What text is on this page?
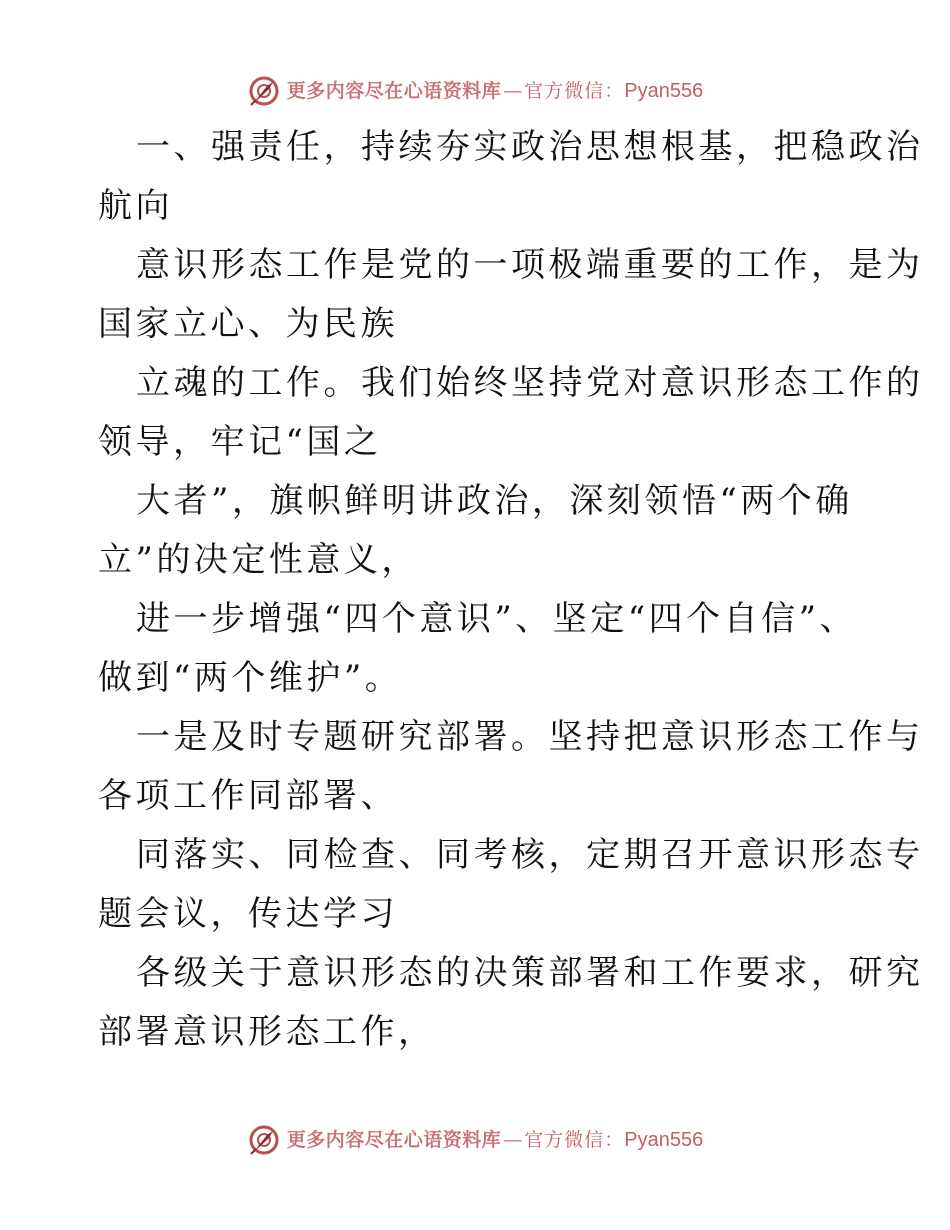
更多内容尽在心语资料库 — 官方微信： Pyan556
一、强责任，持续夯实政治思想根基，把稳政治
航向
意识形态工作是党的一项极端重要的工作，是为
国家立心、为民族
立魂的工作。我们始终坚持党对意识形态工作的
领导，牢记“国之
大者”，旗帜鲜明讲政治，深刻领悟“两个确
立”的决定性意义，
进一步增强“四个意识”、坚定“四个自信”、
做到“两个维护”。
一是及时专题研究部署。坚持把意识形态工作与
各项工作同部署、
同落实、同检查、同考核，定期召开意识形态专
题会议，传达学习
各级关于意识形态的决策部署和工作要求，研究
部署意识形态工作，
更多内容尽在心语资料库 — 官方微信： Pyan556
